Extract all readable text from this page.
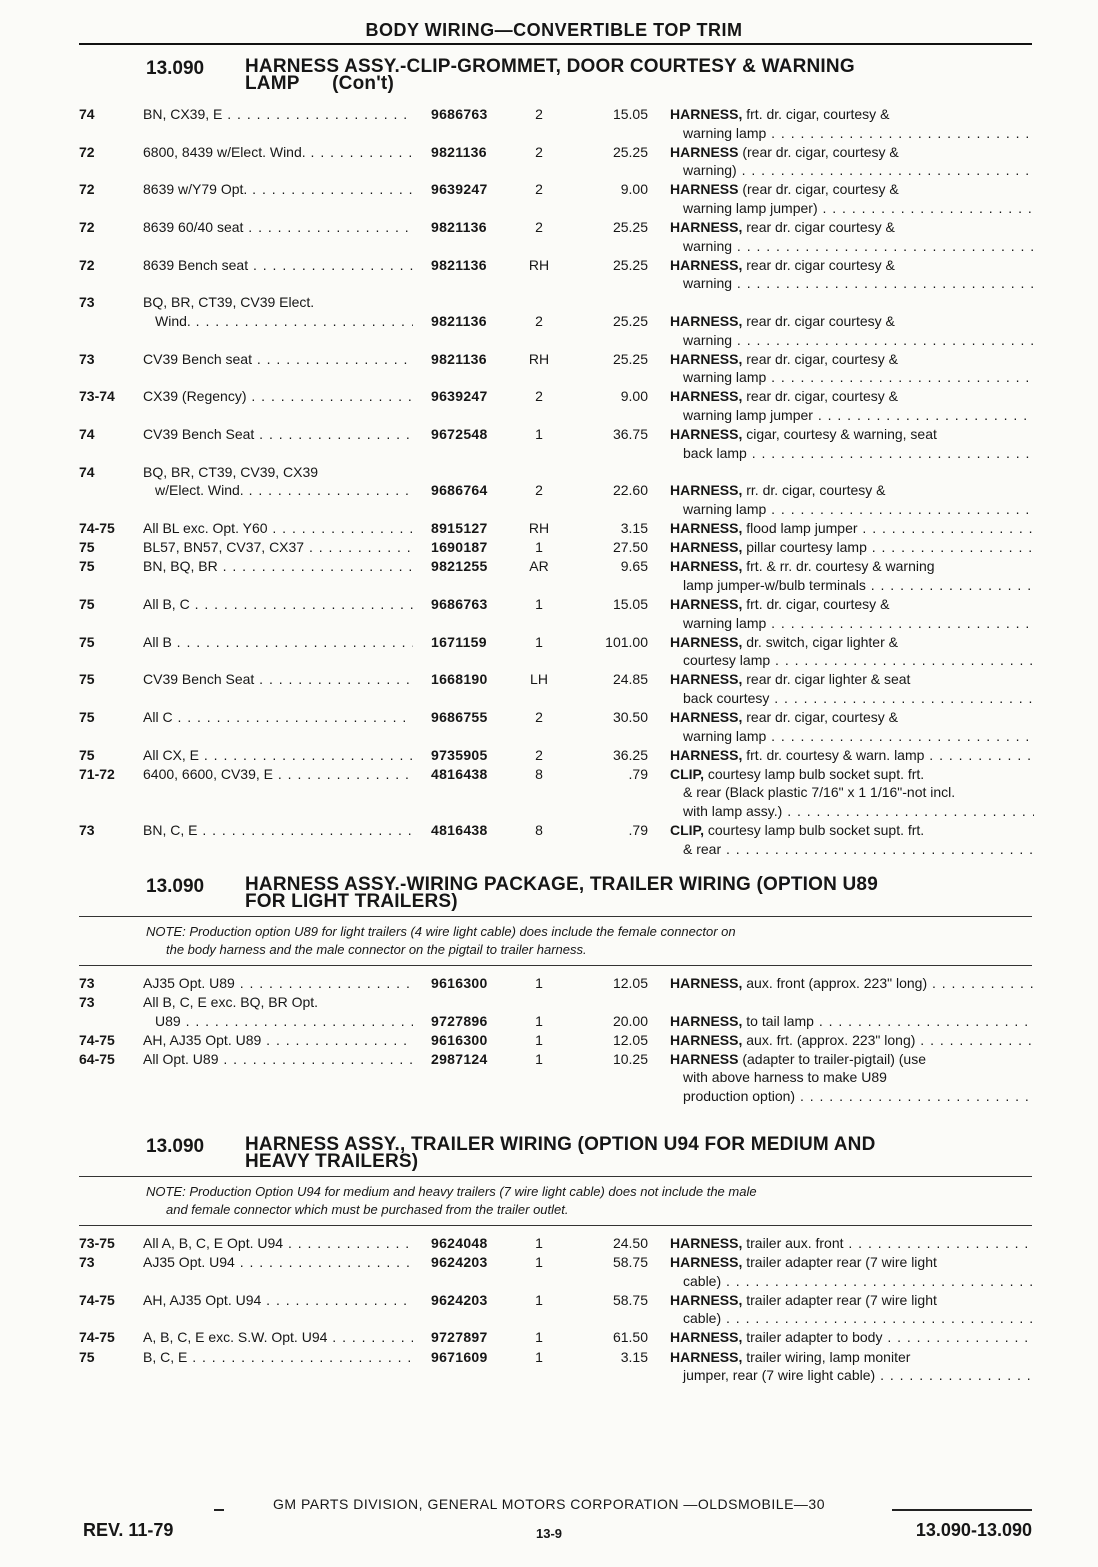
BODY WIRING—CONVERTIBLE TOP TRIM
13.090 HARNESS ASSY.-CLIP-GROMMET, DOOR COURTESY & WARNING
LAMP      (Con't)
74	BN, CX39, E . . .	9686763	2	15.05 HARNESS, frt. dr. cigar, courtesy &
warning lamp . . .
72	6800, 8439 w/Elect. Wind. . . .	9821136	2	25.25 HARNESS (rear dr. cigar, courtesy &
warning) . . .
72	8639 w/Y79 Opt. . . .	9639247	2	9.00 HARNESS (rear dr. cigar, courtesy &
warning lamp jumper) . . .
72	8639 60/40 seat . . .	9821136	2	25.25 HARNESS, rear dr. cigar courtesy &
warning . . .
72	8639 Bench seat . . .	9821136	RH	25.25 HARNESS, rear dr. cigar courtesy &
warning . . .
73	BQ, BR, CT39, CV39 Elect.
Wind. . . .	9821136	2	25.25 HARNESS, rear dr. cigar courtesy &
warning . . .
73	CV39 Bench seat . . .	9821136	RH	25.25 HARNESS, rear dr. cigar, courtesy &
warning lamp . . .
73-74 CX39 (Regency) . . .	9639247	2	9.00 HARNESS, rear dr. cigar, courtesy &
warning lamp jumper . . .
74	CV39 Bench Seat . . .	9672548	1	36.75 HARNESS, cigar, courtesy & warning, seat
back lamp . . .
74	BQ, BR, CT39, CV39, CX39
w/Elect. Wind. . . .	9686764	2	22.60 HARNESS, rr. dr. cigar, courtesy &
warning lamp . . .
74-75 All BL exc. Opt. Y60 . . .	8915127	RH	3.15 HARNESS, flood lamp jumper . . .
75	BL57, BN57, CV37, CX37 . . .	1690187	1	27.50 HARNESS, pillar courtesy lamp . . .
75	BN, BQ, BR . . .	9821255	AR	9.65 HARNESS, frt. & rr. dr. courtesy & warning
lamp jumper-w/bulb terminals . . .
75	All B, C . . .	9686763	1	15.05 HARNESS, frt. dr. cigar, courtesy &
warning lamp . . .
75	All B . . .	1671159	1	101.00 HARNESS, dr. switch, cigar lighter &
courtesy lamp . . .
75	CV39 Bench Seat . . .	1668190	LH	24.85 HARNESS, rear dr. cigar lighter & seat
back courtesy . . .
75	All C . . .	9686755	2	30.50 HARNESS, rear dr. cigar, courtesy &
warning lamp . . .
75	All CX, E . . .	9735905	2	36.25 HARNESS, frt. dr. courtesy & warn. lamp . . .
71-72 6400, 6600, CV39, E . . .	4816438	8	.79 CLIP, courtesy lamp bulb socket supt. frt.
& rear (Black plastic 7/16" x 1 1/16"-not incl.
with lamp assy.) . . .
73	BN, C, E . . .	4816438	8	.79 CLIP, courtesy lamp bulb socket supt. frt.
& rear . . .
13.090 HARNESS ASSY.-WIRING PACKAGE, TRAILER WIRING (OPTION U89
FOR LIGHT TRAILERS)
NOTE: Production option U89 for light trailers (4 wire light cable) does include the female connector on
the body harness and the male connector on the pigtail to trailer harness.
73	AJ35 Opt. U89 . . .	9616300	1	12.05 HARNESS, aux. front (approx. 223" long) . . .
73	All B, C, E exc. BQ, BR Opt.
U89 . . .	9727896	1	20.00 HARNESS, to tail lamp . . .
74-75 AH, AJ35 Opt. U89 . . .	9616300	1	12.05 HARNESS, aux. frt. (approx. 223" long) . . .
64-75 All Opt. U89 . . .	2987124	1	10.25 HARNESS (adapter to trailer-pigtail) (use
with above harness to make U89
production option) . . .
13.090 HARNESS ASSY., TRAILER WIRING (OPTION U94 FOR MEDIUM AND
HEAVY TRAILERS)
NOTE: Production Option U94 for medium and heavy trailers (7 wire light cable) does not include the male
and female connector which must be purchased from the trailer outlet.
73-75 All A, B, C, E Opt. U94 . . .	9624048	1	24.50 HARNESS, trailer aux. front . . .
73	AJ35 Opt. U94 . . .	9624203	1	58.75 HARNESS, trailer adapter rear (7 wire light
cable) . . .
74-75 AH, AJ35 Opt. U94 . . .	9624203	1	58.75 HARNESS, trailer adapter rear (7 wire light
cable) . . .
74-75 A, B, C, E exc. S.W. Opt. U94 . . .	9727897	1	61.50 HARNESS, trailer adapter to body . . .
75	B, C, E . . .	9671609	1	3.15 HARNESS, trailer wiring, lamp moniter
jumper, rear (7 wire light cable) . . .
GM PARTS DIVISION, GENERAL MOTORS CORPORATION —OLDSMOBILE—30
REV. 11-79	13-9	13.090-13.090
